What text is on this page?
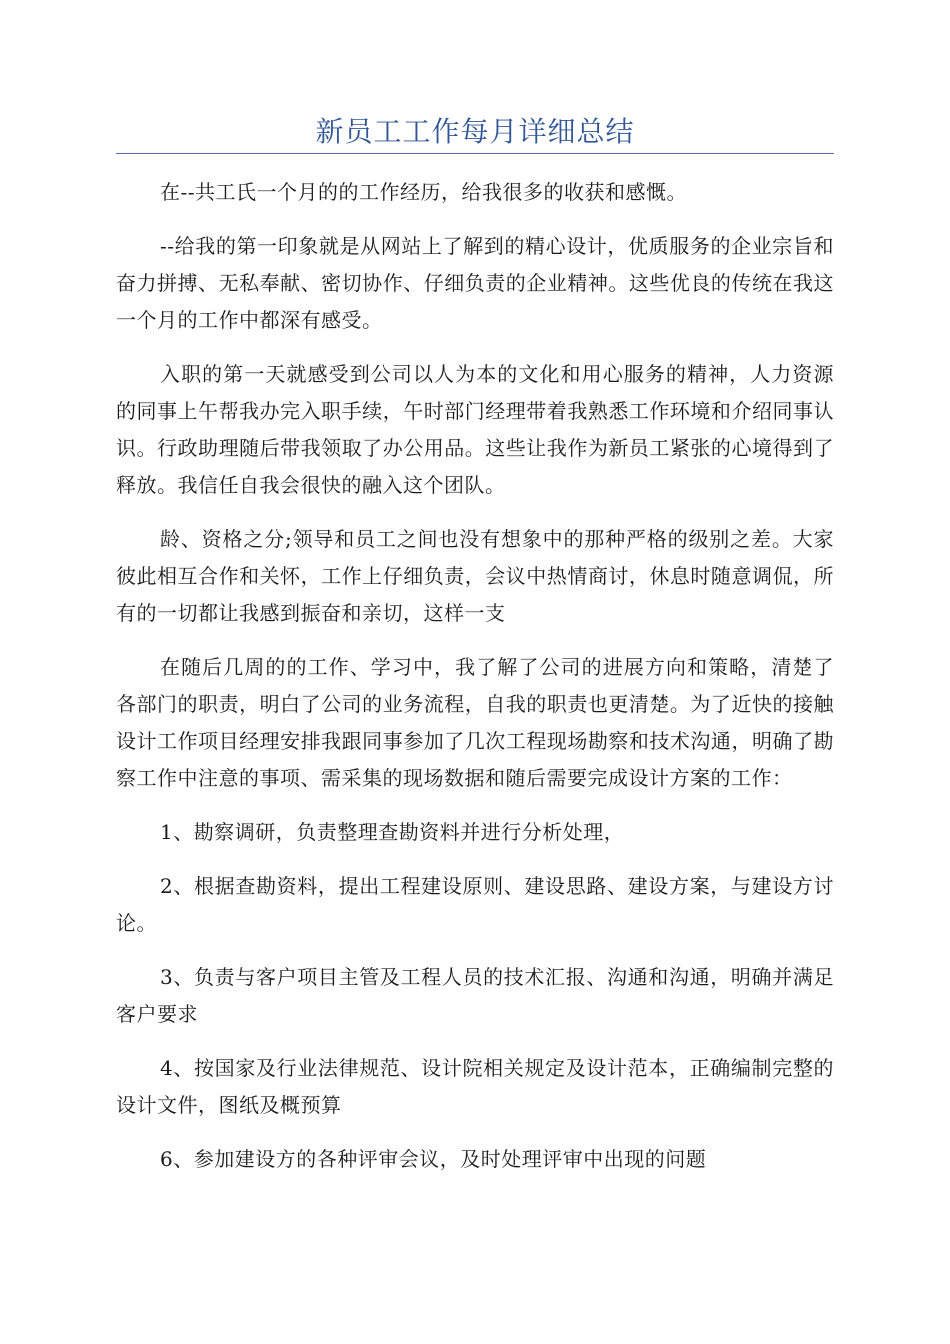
新员工工作每月详细总结

在--共工氏一个月的的工作经历，给我很多的收获和感慨。

--给我的第一印象就是从网站上了解到的精心设计，优质服务的企业宗旨和奋力拼搏、无私奉献、密切协作、仔细负责的企业精神。这些优良的传统在我这一个月的工作中都深有感受。

入职的第一天就感受到公司以人为本的文化和用心服务的精神，人力资源的同事上午帮我办完入职手续，午时部门经理带着我熟悉工作环境和介绍同事认识。行政助理随后带我领取了办公用品。这些让我作为新员工紧张的心境得到了释放。我信任自我会很快的融入这个团队。

龄、资格之分;领导和员工之间也没有想象中的那种严格的级别之差。大家彼此相互合作和关怀，工作上仔细负责，会议中热情商讨，休息时随意调侃，所有的一切都让我感到振奋和亲切，这样一支

在随后几周的的工作、学习中，我了解了公司的进展方向和策略，清楚了各部门的职责，明白了公司的业务流程，自我的职责也更清楚。为了近快的接触设计工作项目经理安排我跟同事参加了几次工程现场勘察和技术沟通，明确了勘察工作中注意的事项、需采集的现场数据和随后需要完成设计方案的工作：

1、勘察调研，负责整理查勘资料并进行分析处理，

2、根据查勘资料，提出工程建设原则、建设思路、建设方案，与建设方讨论。

3、负责与客户项目主管及工程人员的技术汇报、沟通和沟通，明确并满足客户要求

4、按国家及行业法律规范、设计院相关规定及设计范本，正确编制完整的设计文件，图纸及概预算

6、参加建设方的各种评审会议，及时处理评审中出现的问题
